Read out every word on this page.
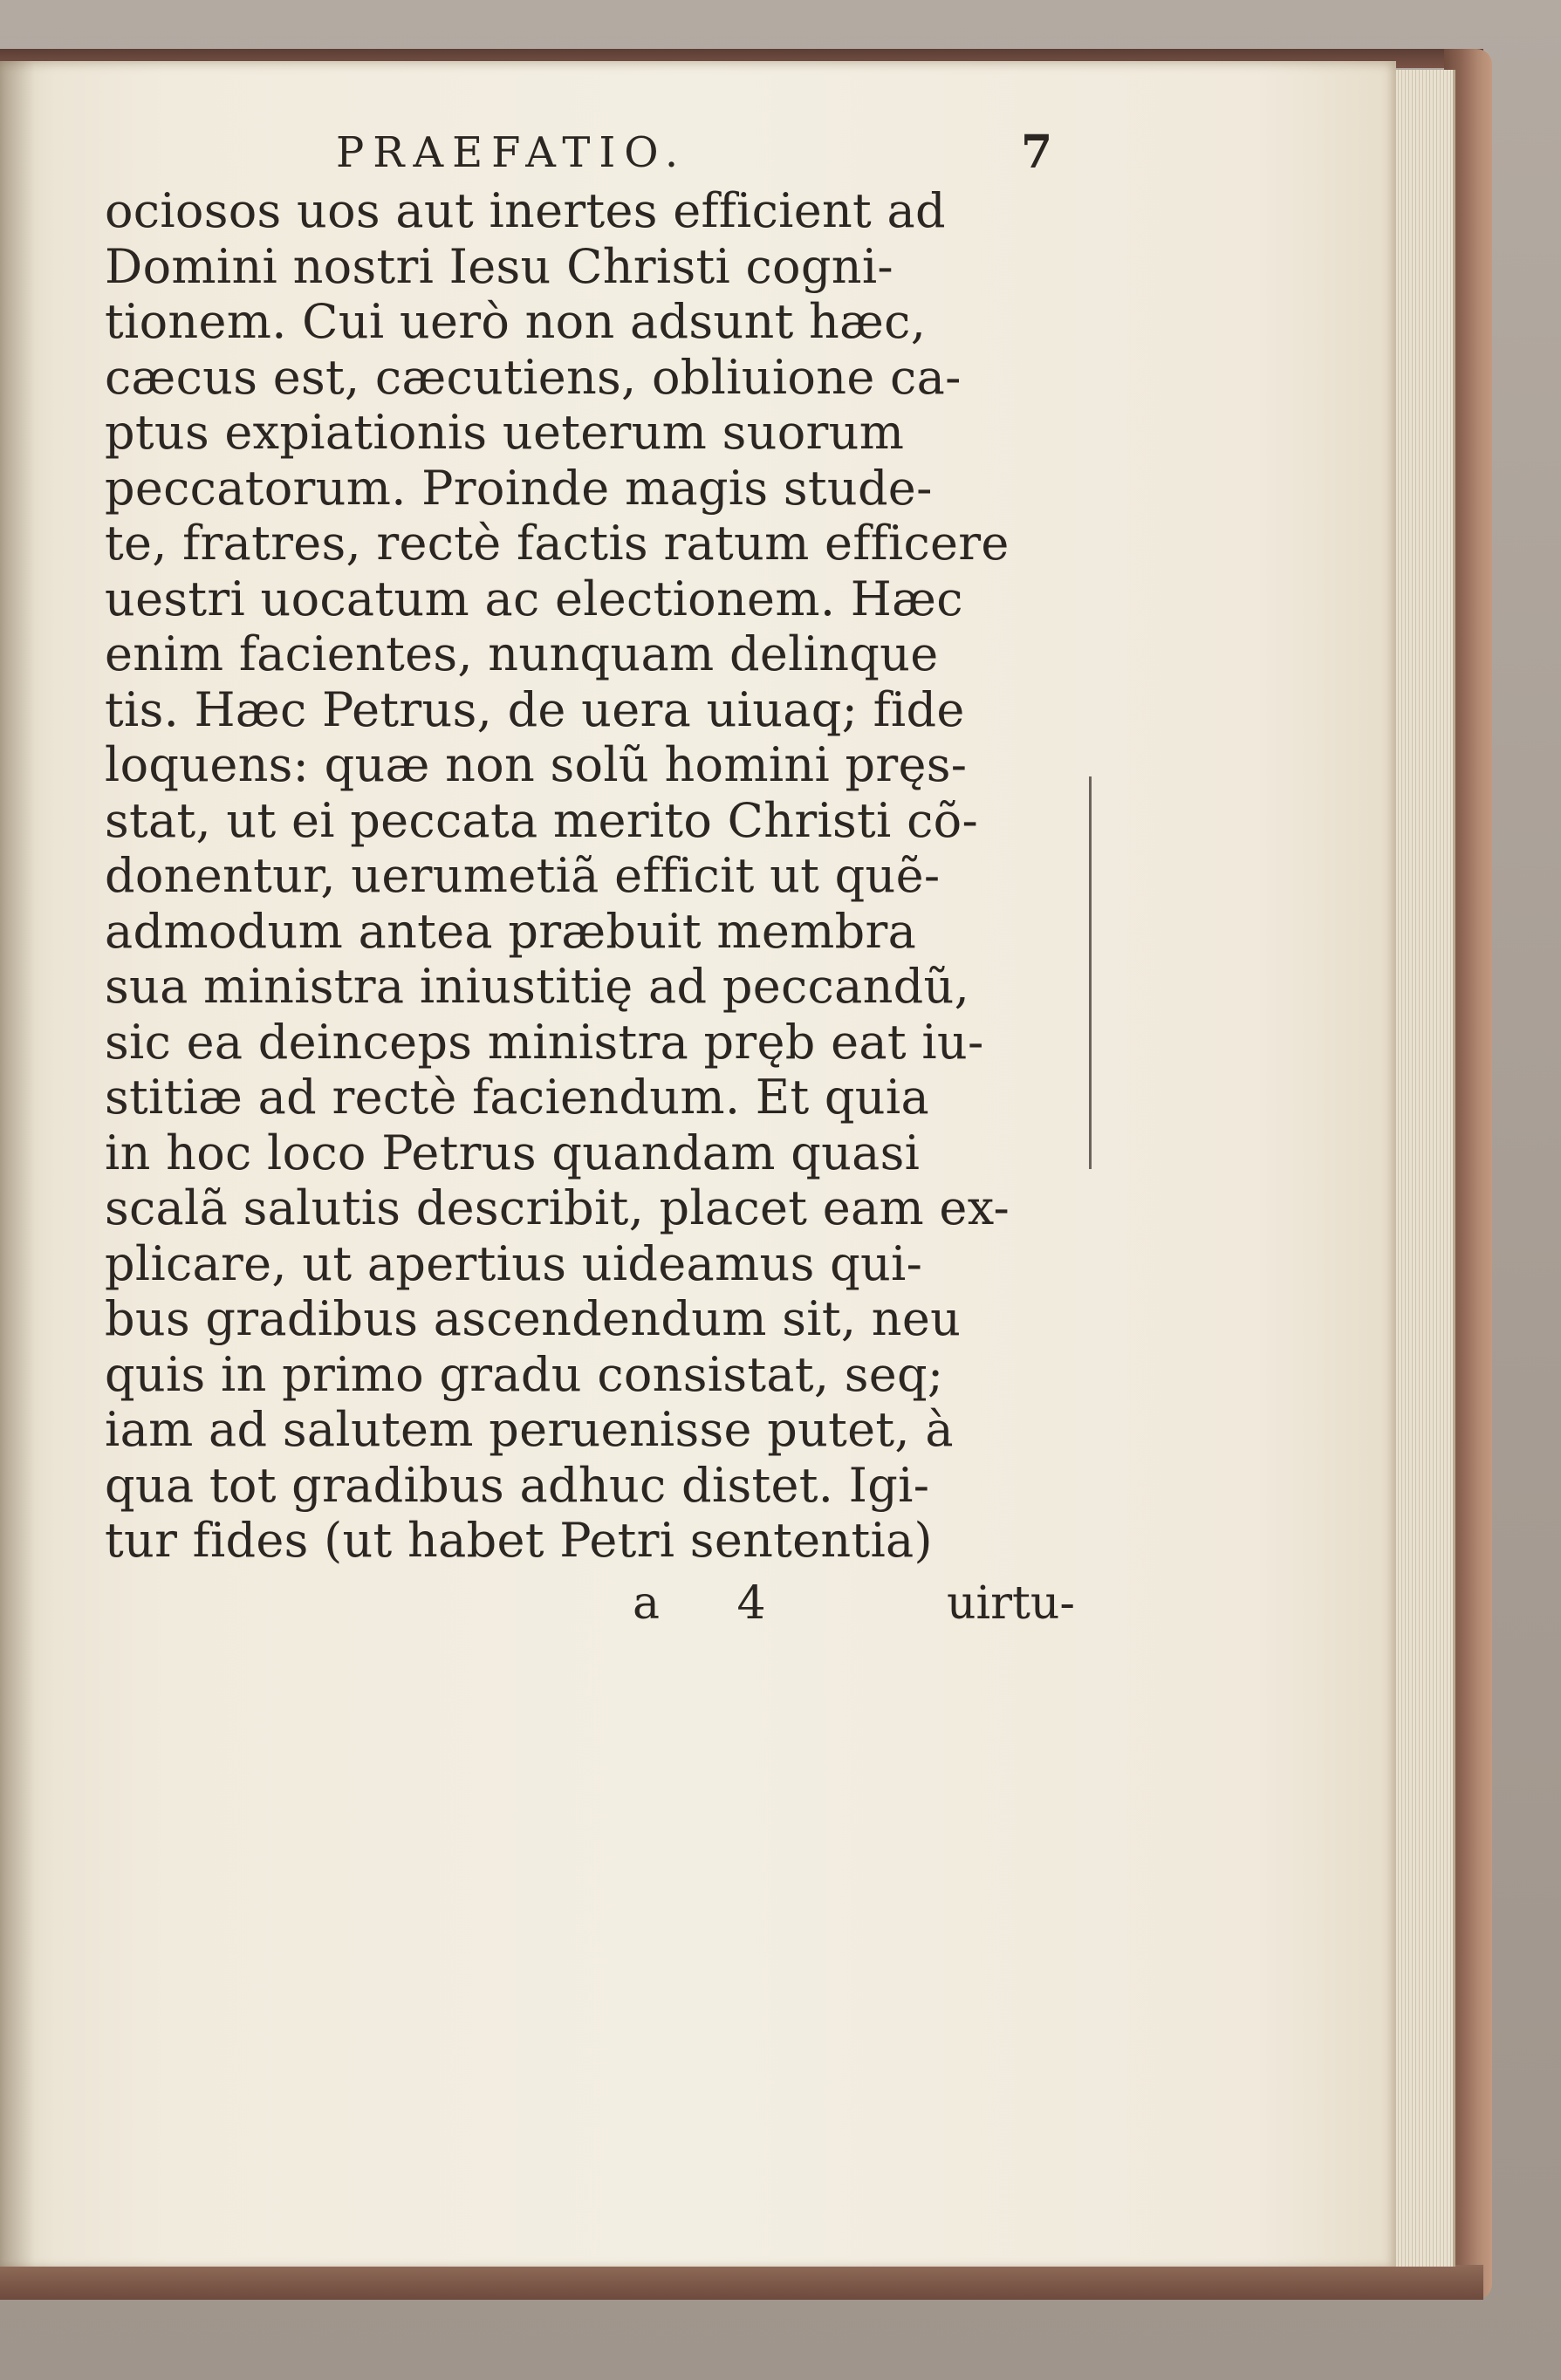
PRAEFATIO.	7
ociosos uos aut inertes efficient ad
Domini nostri Iesu Christi cogni-
tionem. Cui uerò non adsunt hæc,
cæcus est, cæcutiens, obliuione ca-
ptus expiationis ueterum suorum
peccatorum. Proinde magis stude-
te, fratres, rectè factis ratum efficere
uestri uocatum ac electionem. Hæc
enim facientes, nunquam delinque
tis. Hæc Petrus, de uera uiuaq; fide
loquens: quæ non solũ homini pręs-
stat, ut ei peccata merito Christi cõ-
donentur, uerumetiã efficit ut quẽ-
admodum antea præbuit membra
sua ministra iniustitię ad peccandũ,
sic ea deinceps ministra pręb eat iu-
stitiæ ad rectè faciendum. Et quia
in hoc loco Petrus quandam quasi
scalã salutis describit, placet eam ex-
plicare, ut apertius uideamus qui-
bus gradibus ascendendum sit, neu
quis in primo gradu consistat, seq;
iam ad salutem peruenisse putet, à
qua tot gradibus adhuc distet. Igi-
tur fides (ut habet Petri sententia)
a 4	uirtu-
